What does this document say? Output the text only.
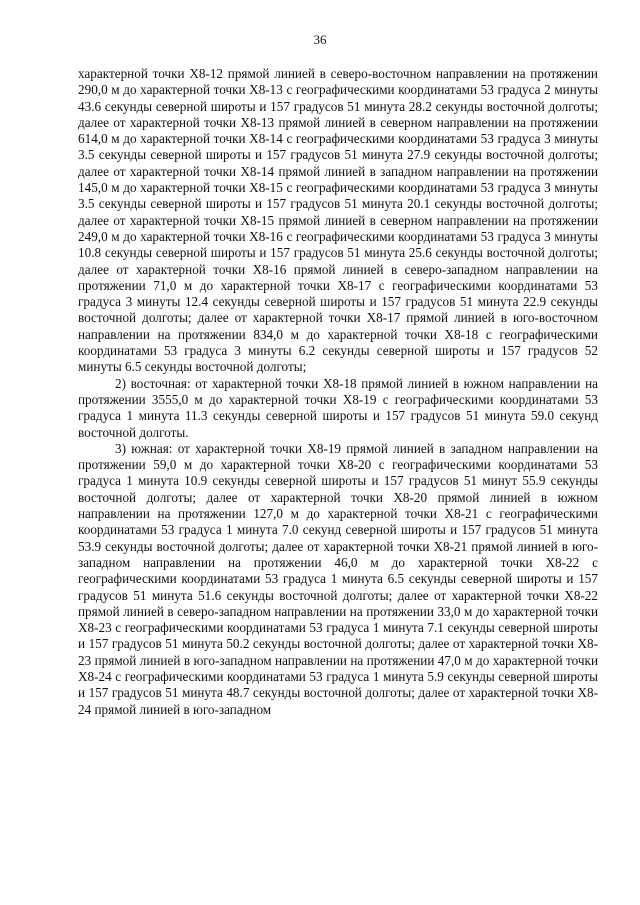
36

характерной точки Х8-12 прямой линией в северо-восточном направлении на протяжении 290,0 м до характерной точки Х8-13 с географическими координатами 53 градуса 2 минуты 43.6 секунды северной широты и 157 градусов 51 минута 28.2 секунды восточной долготы; далее от характерной точки Х8-13 прямой линией в северном направлении на протяжении 614,0 м до характерной точки Х8-14 с географическими координатами 53 градуса 3 минуты 3.5 секунды северной широты и 157 градусов 51 минута 27.9 секунды восточной долготы; далее от характерной точки Х8-14 прямой линией в западном направлении на протяжении 145,0 м до характерной точки Х8-15 с географическими координатами 53 градуса 3 минуты 3.5 секунды северной широты и 157 градусов 51 минута 20.1 секунды восточной долготы; далее от характерной точки Х8-15 прямой линией в северном направлении на протяжении 249,0 м до характерной точки Х8-16 с географическими координатами 53 градуса 3 минуты 10.8 секунды северной широты и 157 градусов 51 минута 25.6 секунды восточной долготы; далее от характерной точки Х8-16 прямой линией в северо-западном направлении на протяжении 71,0 м до характерной точки Х8-17 с географическими координатами 53 градуса 3 минуты 12.4 секунды северной широты и 157 градусов 51 минута 22.9 секунды восточной долготы; далее от характерной точки Х8-17 прямой линией в юго-восточном направлении на протяжении 834,0 м до характерной точки Х8-18 с географическими координатами 53 градуса 3 минуты 6.2 секунды северной широты и 157 градусов 52 минуты 6.5 секунды восточной долготы;

2) восточная: от характерной точки Х8-18 прямой линией в южном направлении на протяжении 3555,0 м до характерной точки Х8-19 с географическими координатами 53 градуса 1 минута 11.3 секунды северной широты и 157 градусов 51 минута 59.0 секунд восточной долготы.

3) южная: от характерной точки Х8-19 прямой линией в западном направлении на протяжении 59,0 м до характерной точки Х8-20 с географическими координатами 53 градуса 1 минута 10.9 секунды северной широты и 157 градусов 51 минут 55.9 секунды восточной долготы; далее от характерной точки Х8-20 прямой линией в южном направлении на протяжении 127,0 м до характерной точки Х8-21 с географическими координатами 53 градуса 1 минута 7.0 секунд северной широты и 157 градусов 51 минута 53.9 секунды восточной долготы; далее от характерной точки Х8-21 прямой линией в юго-западном направлении на протяжении 46,0 м до характерной точки Х8-22 с географическими координатами 53 градуса 1 минута 6.5 секунды северной широты и 157 градусов 51 минута 51.6 секунды восточной долготы; далее от характерной точки Х8-22 прямой линией в северо-западном направлении на протяжении 33,0 м до характерной точки Х8-23 с географическими координатами 53 градуса 1 минута 7.1 секунды северной широты и 157 градусов 51 минута 50.2 секунды восточной долготы; далее от характерной точки Х8-23 прямой линией в юго-западном направлении на протяжении 47,0 м до характерной точки Х8-24 с географическими координатами 53 градуса 1 минута 5.9 секунды северной широты и 157 градусов 51 минута 48.7 секунды восточной долготы; далее от характерной точки Х8-24 прямой линией в юго-западном
